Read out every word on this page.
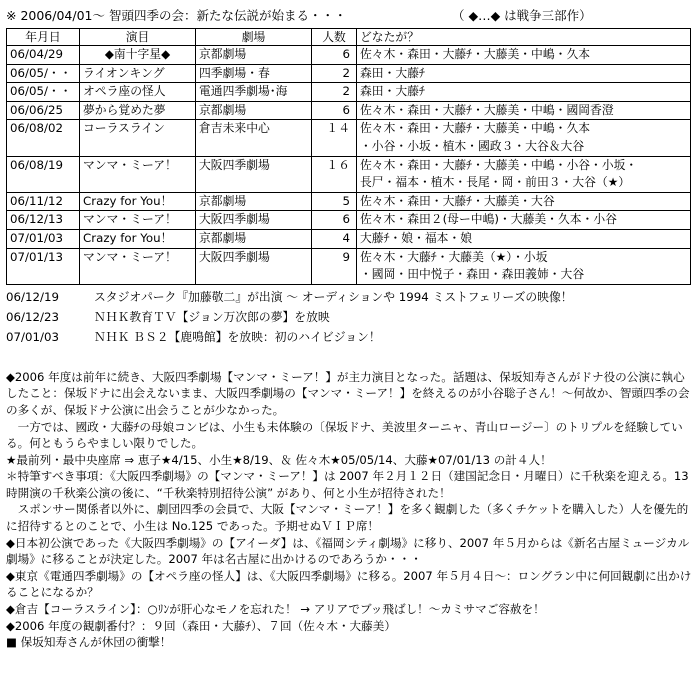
※ 2006/04/01～ 智頭四季の会：新たな伝説が始まる・・・	（ ◆…◆ は戦争三部作）
年月日	演目	劇場	人数	どなたが？
06/04/29	◆南十字星◆	京都劇場	6	佐々木・森田・大藤ﾁ・大藤美・中嶋・久本

06/05/・・	ライオンキング	四季劇場・春	2	森田・大藤ﾁ

06/05/・・	オペラ座の怪人	電通四季劇場･海	2	森田・大藤ﾁ

06/06/25	夢から覚めた夢	京都劇場	6	佐々木・森田・大藤ﾁ・大藤美・中嶋・國岡香澄

06/08/02	コーラスライン	倉吉未来中心	１４	佐々木・森田・大藤ﾁ・大藤美・中嶋・久本
・小谷・小坂・植木・國政３・大谷＆大谷

06/08/19	マンマ・ミーア！	大阪四季劇場	１６	佐々木・森田・大藤ﾁ・大藤美・中嶋・小谷・小坂・
長尸・福本・植木・長尾・岡・前田３・大谷（★）

06/11/12	Crazy for You！	京都劇場	5	佐々木・森田・大藤ﾁ・大藤美・大谷

06/12/13	マンマ・ミーア！	大阪四季劇場	6	佐々木・森田２(母ー中嶋)・大藤美・久本・小谷

07/01/03	Crazy for You！	京都劇場	4	大藤ﾁ・娘・福本・娘

07/01/13	マンマ・ミーア！	大阪四季劇場	9	佐々木・大藤ﾁ・大藤美（★）・小坂
・國岡・田中悦子・森田・森田義姉・大谷
06/12/19	スタジオパーク『加藤敬二』が出演 ～ オーディションや 1994 ミストフェリーズの映像！
06/12/23	ＮＨＫ教育ＴＶ【ジョン万次郎の夢】を放映
07/01/03	ＮＨＫ ＢＳ２【鹿鳴館】を放映：初のハイビジョン！

◆2006 年度は前年に続き、大阪四季劇場【マンマ・ミーア！】が主力演目となった。話題は、保坂知寿さんがドナ役の公演に執心したこと：保坂ドナに出会えないまま、大阪四季劇場の【マンマ・ミーア！】を終えるのが小谷聡子さん！～何故か、智頭四季の会の多くが、保坂ドナ公演に出会うことが少なかった。

　一方では、國政・大藤ﾁの母娘コンビは、小生も未体験の〔保坂ドナ、美波里ターニャ、青山ロージー〕のトリプルを経験している。何ともうらやましい限りでした。

★最前列・最中央座席 ⇒ 恵子★4/15、小生★8/19、＆ 佐々木★05/05/14、大藤★07/01/13 の計４人！

＊特筆すべき事項：《大阪四季劇場》の【マンマ・ミーア！】は 2007 年２月１２日（建国記念日・月曜日）に千秋楽を迎える。13 時開演の千秋楽公演の後に、“千秋楽特別招待公演” があり、何と小生が招待された！

　スポンサー関係者以外に、劇団四季の会員で、大阪【マンマ・ミーア！】を多く観劇した（多くチケットを購入した）人を優先的に招待するとのことで、小生は No.125 であった。予期せぬＶＩＰ席！

◆日本初公演であった《大阪四季劇場》の【アイーダ】は、《福岡シティ劇場》に移り、2007 年５月からは《新名古屋ミュージカル劇場》に移ることが決定した。2007 年は名古屋に出かけるのであろうか・・・

◆東京《電通四季劇場》の【オペラ座の怪人】は、《大阪四季劇場》に移る。2007 年５月４日～：ロングラン中に何回観劇に出かけることになるか？

◆倉吉【コーラスライン】：○ﾘﾝが肝心なモノを忘れた！ → アリアでブッ飛ばし！～カミサマご容赦を！

◆2006 年度の観劇番付？：９回（森田・大藤ﾁ）、７回（佐々木・大藤美）

■ 保坂知寿さんが休団の衝撃！
